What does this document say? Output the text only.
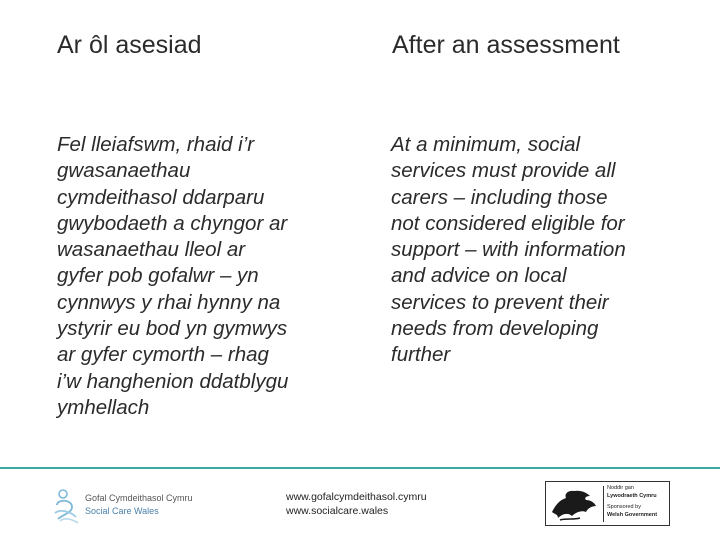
Ar ôl asesiad	After an assessment
Fel lleiafswm, rhaid i’r
gwasanaethau
cymdeithasol ddarparu
gwybodaeth a chyngor ar
wasanaethau lleol ar
gyfer pob gofalwr – yn
cynnwys y rhai hynny na
ystyrir eu bod yn gymwys
ar gyfer cymorth – rhag
i’w hanghenion ddatblygu
ymhellach
At a minimum, social
services must provide all
carers – including those
not considered eligible for
support – with information
and advice on local
services to prevent their
needs from developing
further
Gofal Cymdeithasol Cymru
Social Care Wales
www.gofalcymdeithasol.cymru
www.socialcare.wales
Noddir gan
Lywodraeth Cymru
Sponsored by
Welsh Government
